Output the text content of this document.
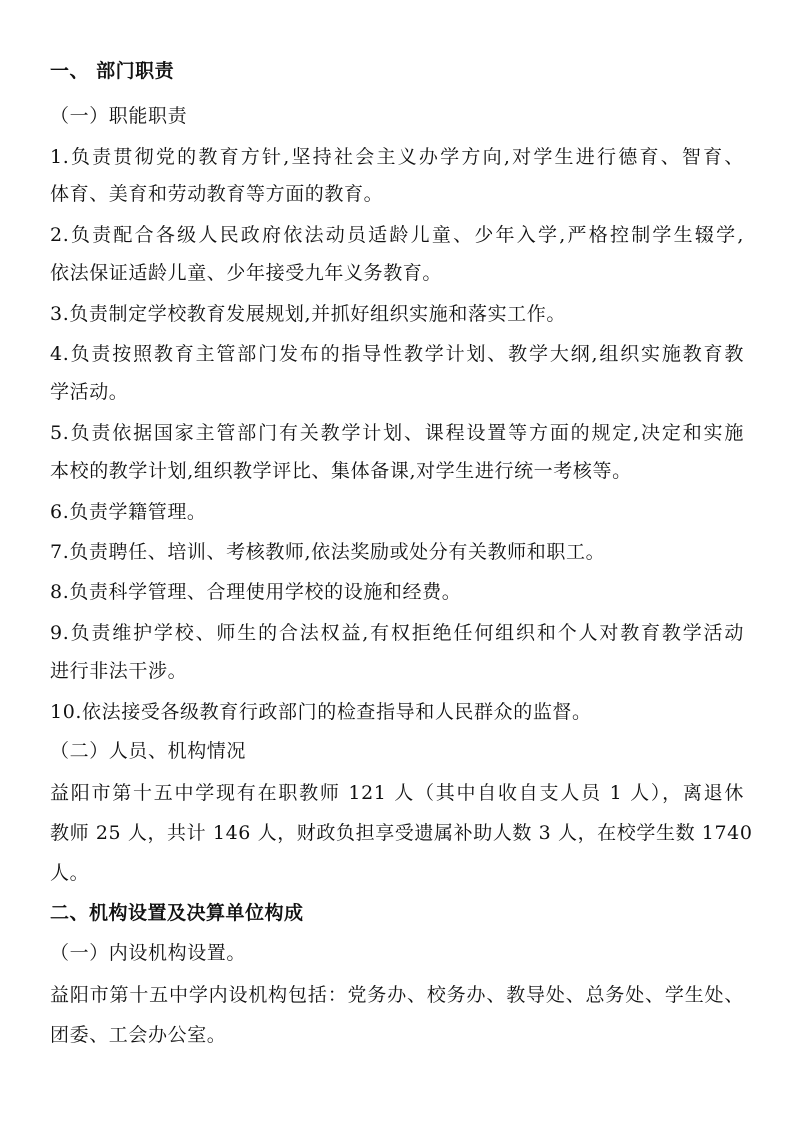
一、 部门职责
（一）职能职责
1.负责贯彻党的教育方针,坚持社会主义办学方向,对学生进行德育、智育、
体育、美育和劳动教育等方面的教育。
2.负责配合各级人民政府依法动员适龄儿童、少年入学,严格控制学生辍学,
依法保证适龄儿童、少年接受九年义务教育。
3.负责制定学校教育发展规划,并抓好组织实施和落实工作。
4.负责按照教育主管部门发布的指导性教学计划、教学大纲,组织实施教育教
学活动。
5.负责依据国家主管部门有关教学计划、课程设置等方面的规定,决定和实施
本校的教学计划,组织教学评比、集体备课,对学生进行统一考核等。
6.负责学籍管理。
7.负责聘任、培训、考核教师,依法奖励或处分有关教师和职工。
8.负责科学管理、合理使用学校的设施和经费。
9.负责维护学校、师生的合法权益,有权拒绝任何组织和个人对教育教学活动
进行非法干涉。
10.依法接受各级教育行政部门的检查指导和人民群众的监督。
（二）人员、机构情况
益阳市第十五中学现有在职教师 121 人（其中自收自支人员 1 人），离退休
教师 25 人，共计 146 人，财政负担享受遗属补助人数 3 人，在校学生数 1740
人。
二、机构设置及决算单位构成
（一）内设机构设置。
益阳市第十五中学内设机构包括：党务办、校务办、教导处、总务处、学生处、
团委、工会办公室。
